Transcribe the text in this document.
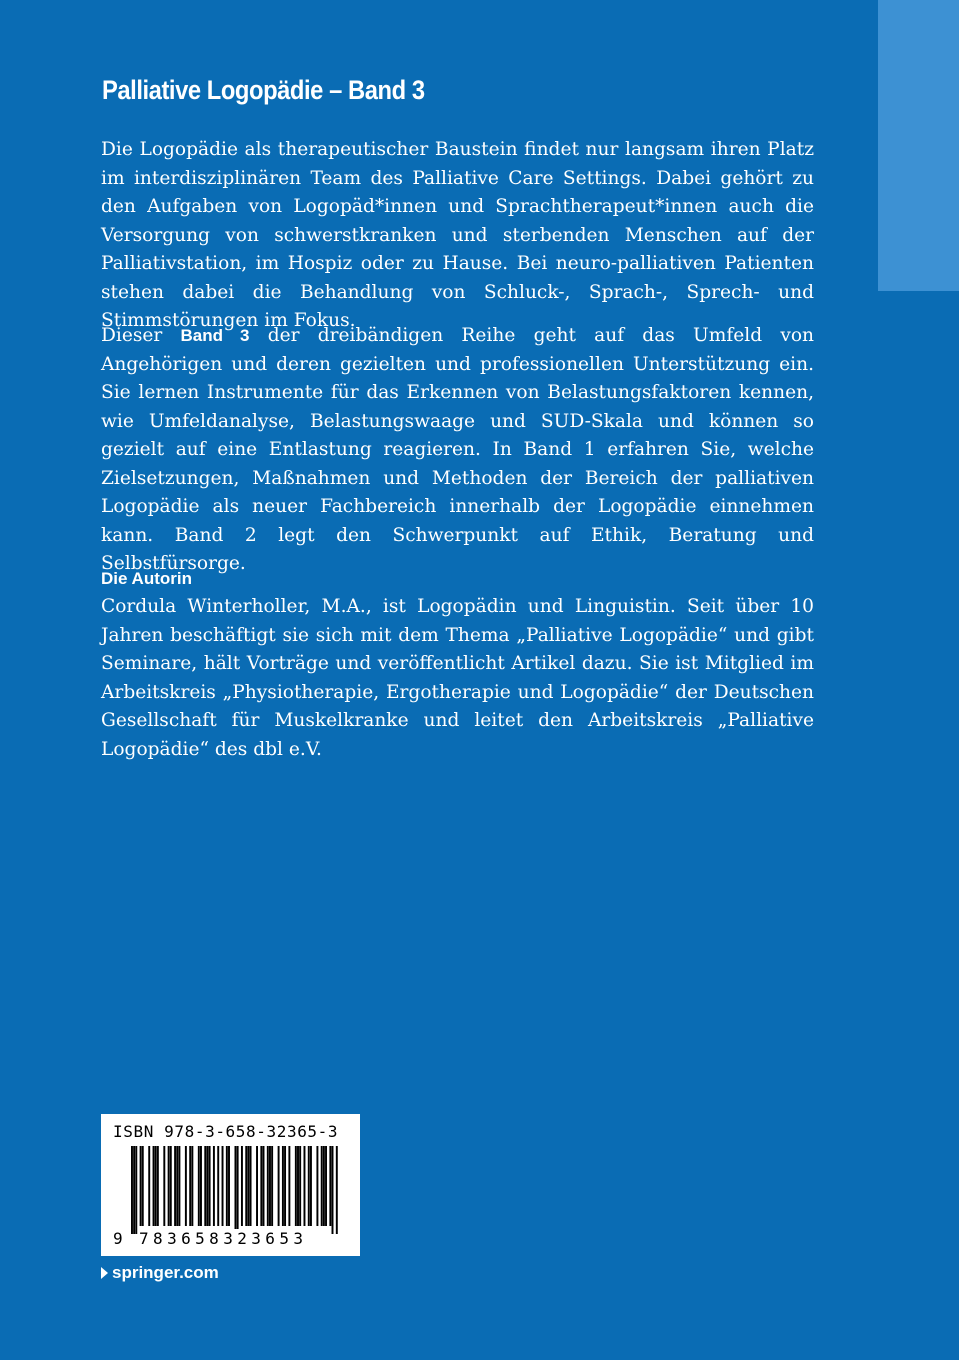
Palliative Logopädie – Band 3

Die Logopädie als therapeutischer Baustein findet nur langsam ihren Platz im interdisziplinären Team des Palliative Care Settings. Dabei gehört zu den Aufgaben von Logopäd*innen und Sprachtherapeut*innen auch die Versorgung von schwerstkranken und sterbenden Menschen auf der Palliativstation, im Hospiz oder zu Hause. Bei neuro-palliativen Patienten stehen dabei die Behandlung von Schluck-, Sprach-, Sprech- und Stimmstörungen im Fokus.

Dieser Band 3 der dreibändigen Reihe geht auf das Umfeld von Angehörigen und deren gezielten und professionellen Unterstützung ein. Sie lernen Instrumente für das Erkennen von Belastungsfaktoren kennen, wie Umfeldanalyse, Belastungswaage und SUD-Skala und können so gezielt auf eine Entlastung reagieren. In Band 1 erfahren Sie, welche Zielsetzungen, Maßnahmen und Methoden der Bereich der palliativen Logopädie als neuer Fachbereich innerhalb der Logopädie einnehmen kann. Band 2 legt den Schwerpunkt auf Ethik, Beratung und Selbstfürsorge.

Die Autorin

Cordula Winterholler, M.A., ist Logopädin und Linguistin. Seit über 10 Jahren beschäftigt sie sich mit dem Thema „Palliative Logopädie“ und gibt Seminare, hält Vorträge und veröffentlicht Artikel dazu. Sie ist Mitglied im Arbeitskreis „Physiotherapie, Ergotherapie und Logopädie“ der Deutschen Gesellschaft für Muskelkranke und leitet den Arbeitskreis „Palliative Logopädie“ des dbl e.V.

ISBN 978-3-658-32365-3
9 783658323653
springer.com
